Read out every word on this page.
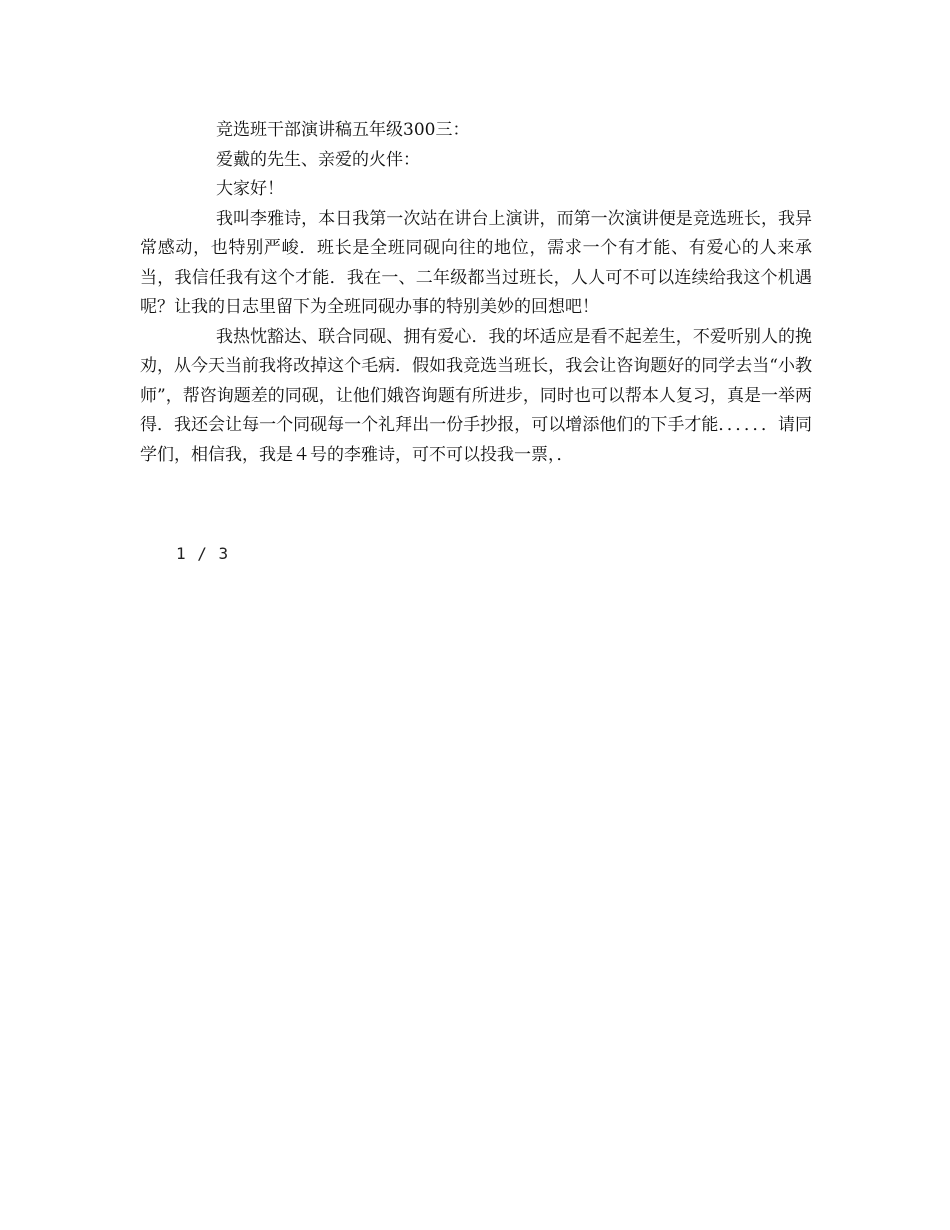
竞选班干部演讲稿五年级300三：

爱戴的先生、亲爱的火伴：

大家好！

我叫李雅诗，本日我第一次站在讲台上演讲，而第一次演讲便是竞选班长，我异常感动，也特别严峻．班长是全班同砚向往的地位，需求一个有才能、有爱心的人来承当，我信任我有这个才能．我在一、二年级都当过班长，人人可不可以连续给我这个机遇呢？让我的日志里留下为全班同砚办事的特别美妙的回想吧！

我热忱豁达、联合同砚、拥有爱心．我的坏适应是看不起差生，不爱听别人的挽劝，从今天当前我将改掉这个毛病．假如我竞选当班长，我会让咨询题好的同学去当“小教师”，帮咨询题差的同砚，让他们娥咨询题有所进步，同时也可以帮本人复习，真是一举两得．我还会让每一个同砚每一个礼拜出一份手抄报，可以增添他们的下手才能．．．．．．请同学们，相信我，我是４号的李雅诗，可不可以投我一票，．

1 / 3
